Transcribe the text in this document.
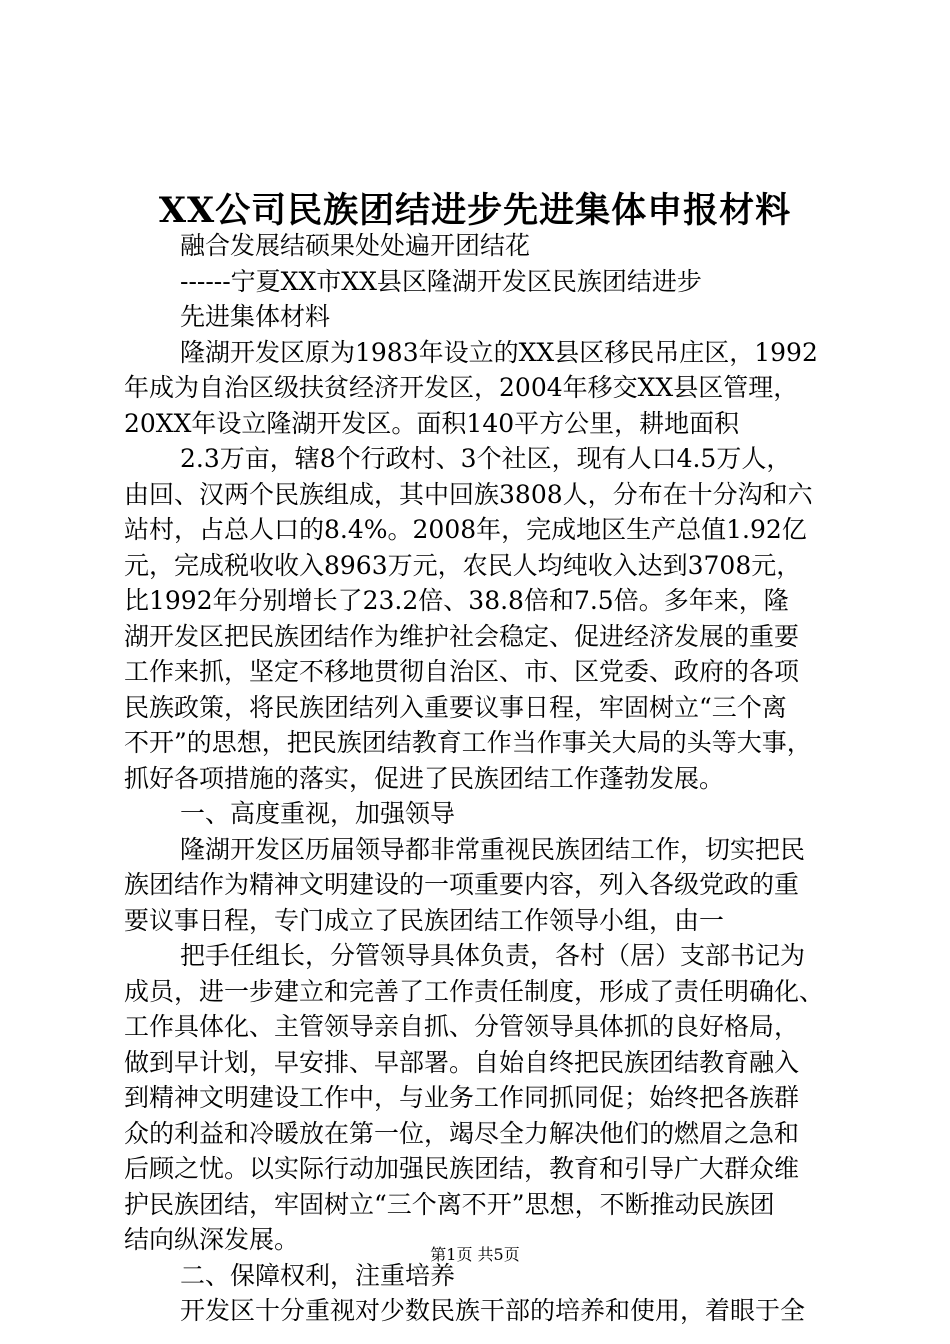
XX公司民族团结进步先进集体申报材料
融合发展结硕果处处遍开团结花
------宁夏XX市XX县区隆湖开发区民族团结进步
先进集体材料
隆湖开发区原为1983年设立的XX县区移民吊庄区，1992
年成为自治区级扶贫经济开发区，2004年移交XX县区管理，
20XX年设立隆湖开发区。面积140平方公里，耕地面积
2.3万亩，辖8个行政村、3个社区，现有人口4.5万人，
由回、汉两个民族组成，其中回族3808人，分布在十分沟和六
站村，占总人口的8.4%。2008年，完成地区生产总值1.92亿
元，完成税收收入8963万元，农民人均纯收入达到3708元，
比1992年分别增长了23.2倍、38.8倍和7.5倍。多年来，隆
湖开发区把民族团结作为维护社会稳定、促进经济发展的重要
工作来抓，坚定不移地贯彻自治区、市、区党委、政府的各项
民族政策，将民族团结列入重要议事日程，牢固树立“三个离
不开”的思想，把民族团结教育工作当作事关大局的头等大事，
抓好各项措施的落实，促进了民族团结工作蓬勃发展。
一、高度重视，加强领导
隆湖开发区历届领导都非常重视民族团结工作，切实把民
族团结作为精神文明建设的一项重要内容，列入各级党政的重
要议事日程，专门成立了民族团结工作领导小组，由一
把手任组长，分管领导具体负责，各村（居）支部书记为
成员，进一步建立和完善了工作责任制度，形成了责任明确化、
工作具体化、主管领导亲自抓、分管领导具体抓的良好格局，
做到早计划，早安排、早部署。自始自终把民族团结教育融入
到精神文明建设工作中，与业务工作同抓同促；始终把各族群
众的利益和冷暖放在第一位，竭尽全力解决他们的燃眉之急和
后顾之忧。以实际行动加强民族团结，教育和引导广大群众维
护民族团结，牢固树立“三个离不开”思想，不断推动民族团
结向纵深发展。
二、保障权利，注重培养
开发区十分重视对少数民族干部的培养和使用，着眼于全
第1页 共5页
